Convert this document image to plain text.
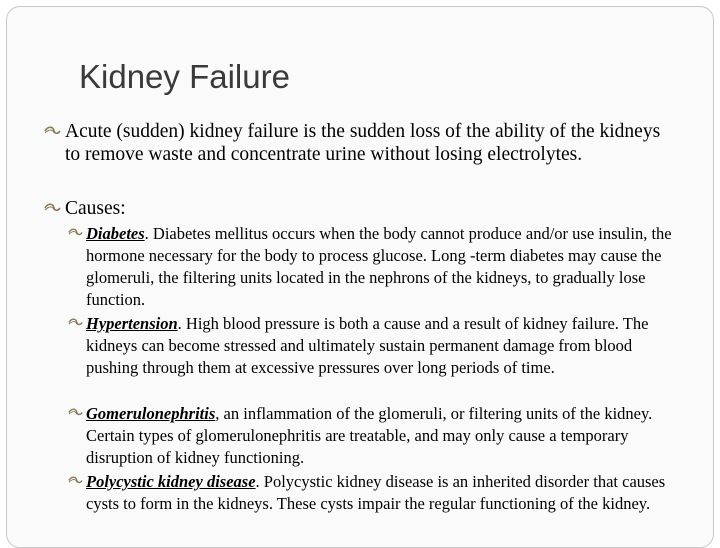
Kidney Failure
Acute (sudden) kidney failure is the sudden loss of the ability of the kidneys to remove waste and concentrate urine without losing electrolytes.
Causes:
Diabetes. Diabetes mellitus occurs when the body cannot produce and/or use insulin, the hormone necessary for the body to process glucose. Long -term diabetes may cause the glomeruli, the filtering units located in the nephrons of the kidneys, to gradually lose function.
Hypertension. High blood pressure is both a cause and a result of kidney failure. The kidneys can become stressed and ultimately sustain permanent damage from blood pushing through them at excessive pressures over long periods of time.
Gomerulonephritis, an inflammation of the glomeruli, or filtering units of the kidney. Certain types of glomerulonephritis are treatable, and may only cause a temporary disruption of kidney functioning.
Polycystic kidney disease. Polycystic kidney disease is an inherited disorder that causes cysts to form in the kidneys. These cysts impair the regular functioning of the kidney.
